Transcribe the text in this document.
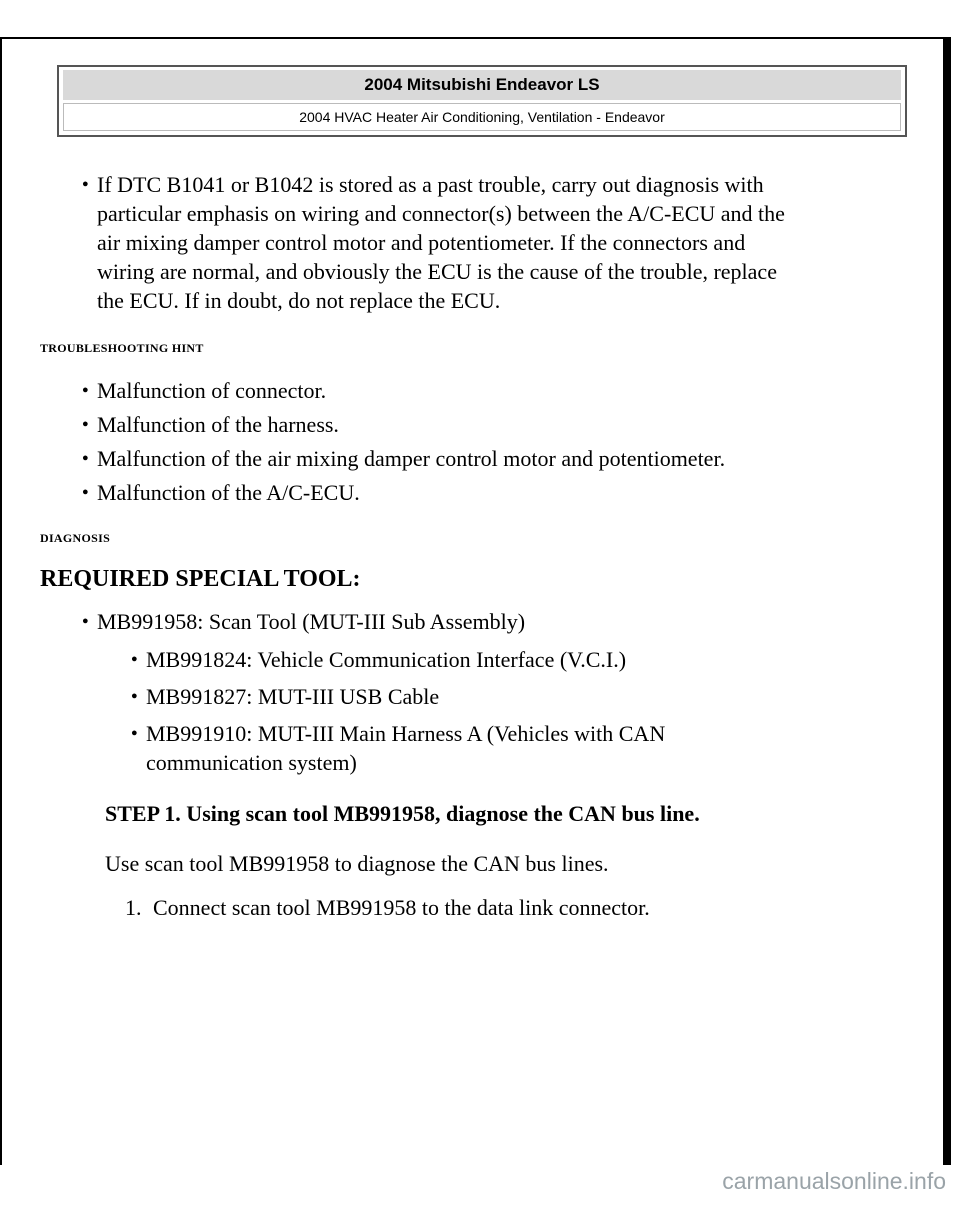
2004 Mitsubishi Endeavor LS
2004 HVAC Heater Air Conditioning, Ventilation - Endeavor
● If DTC B1041 or B1042 is stored as a past trouble, carry out diagnosis with
particular emphasis on wiring and connector(s) between the A/C-ECU and the
air mixing damper control motor and potentiometer. If the connectors and
wiring are normal, and obviously the ECU is the cause of the trouble, replace
the ECU. If in doubt, do not replace the ECU.

TROUBLESHOOTING HINT

● Malfunction of connector.
● Malfunction of the harness.
● Malfunction of the air mixing damper control motor and potentiometer.
● Malfunction of the A/C-ECU.

DIAGNOSIS

REQUIRED SPECIAL TOOL:

● MB991958: Scan Tool (MUT-III Sub Assembly)
● MB991824: Vehicle Communication Interface (V.C.I.)
● MB991827: MUT-III USB Cable
● MB991910: MUT-III Main Harness A (Vehicles with CAN
communication system)

STEP 1. Using scan tool MB991958, diagnose the CAN bus line.

Use scan tool MB991958 to diagnose the CAN bus lines.

1. Connect scan tool MB991958 to the data link connector.

carmanualsonline.info
